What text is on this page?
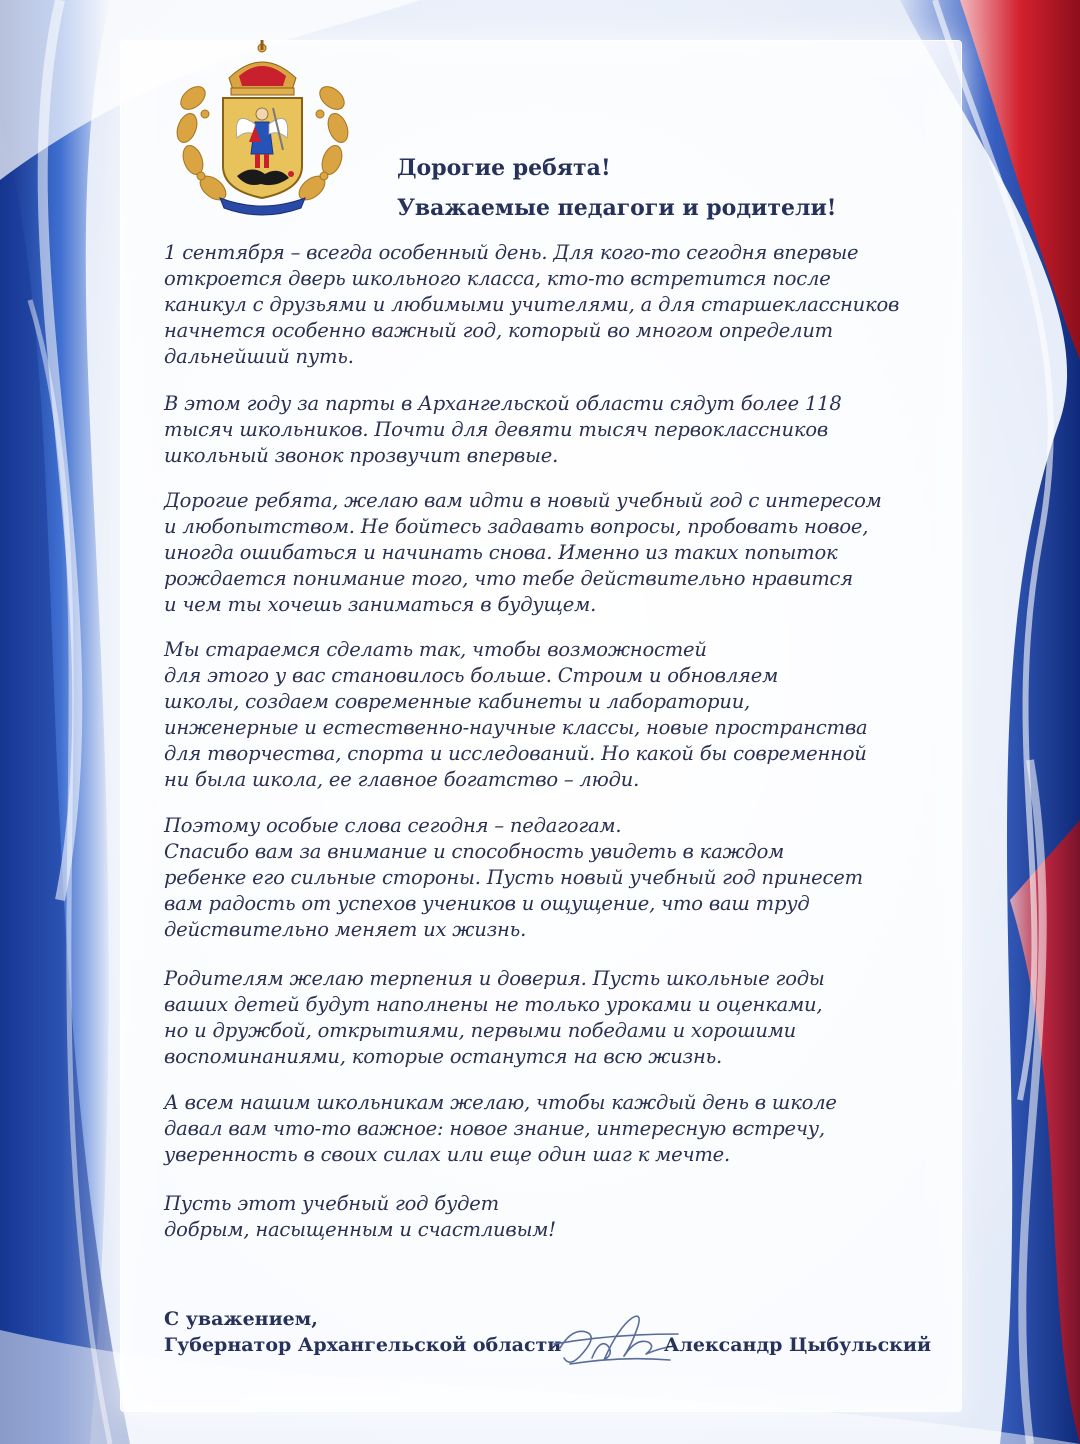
Дорогие ребята!
Уважаемые педагоги и родители!
1 сентября – всегда особенный день. Для кого-то сегодня впервые
откроется дверь школьного класса, кто-то встретится после
каникул с друзьями и любимыми учителями, а для старшеклассников
начнется особенно важный год, который во многом определит
дальнейший путь.
В этом году за парты в Архангельской области сядут более 118
тысяч школьников. Почти для девяти тысяч первоклассников
школьный звонок прозвучит впервые.
Дорогие ребята, желаю вам идти в новый учебный год с интересом
и любопытством. Не бойтесь задавать вопросы, пробовать новое,
иногда ошибаться и начинать снова. Именно из таких попыток
рождается понимание того, что тебе действительно нравится
и чем ты хочешь заниматься в будущем.
Мы стараемся сделать так, чтобы возможностей
для этого у вас становилось больше. Строим и обновляем
школы, создаем современные кабинеты и лаборатории,
инженерные и естественно-научные классы, новые пространства
для творчества, спорта и исследований. Но какой бы современной
ни была школа, ее главное богатство – люди.
Поэтому особые слова сегодня – педагогам.
Спасибо вам за внимание и способность увидеть в каждом
ребенке его сильные стороны. Пусть новый учебный год принесет
вам радость от успехов учеников и ощущение, что ваш труд
действительно меняет их жизнь.
Родителям желаю терпения и доверия. Пусть школьные годы
ваших детей будут наполнены не только уроками и оценками,
но и дружбой, открытиями, первыми победами и хорошими
воспоминаниями, которые останутся на всю жизнь.
А всем нашим школьникам желаю, чтобы каждый день в школе
давал вам что-то важное: новое знание, интересную встречу,
уверенность в своих силах или еще один шаг к мечте.
Пусть этот учебный год будет
добрым, насыщенным и счастливым!
С уважением,
Губернатор Архангельской области	Александр Цыбульский
